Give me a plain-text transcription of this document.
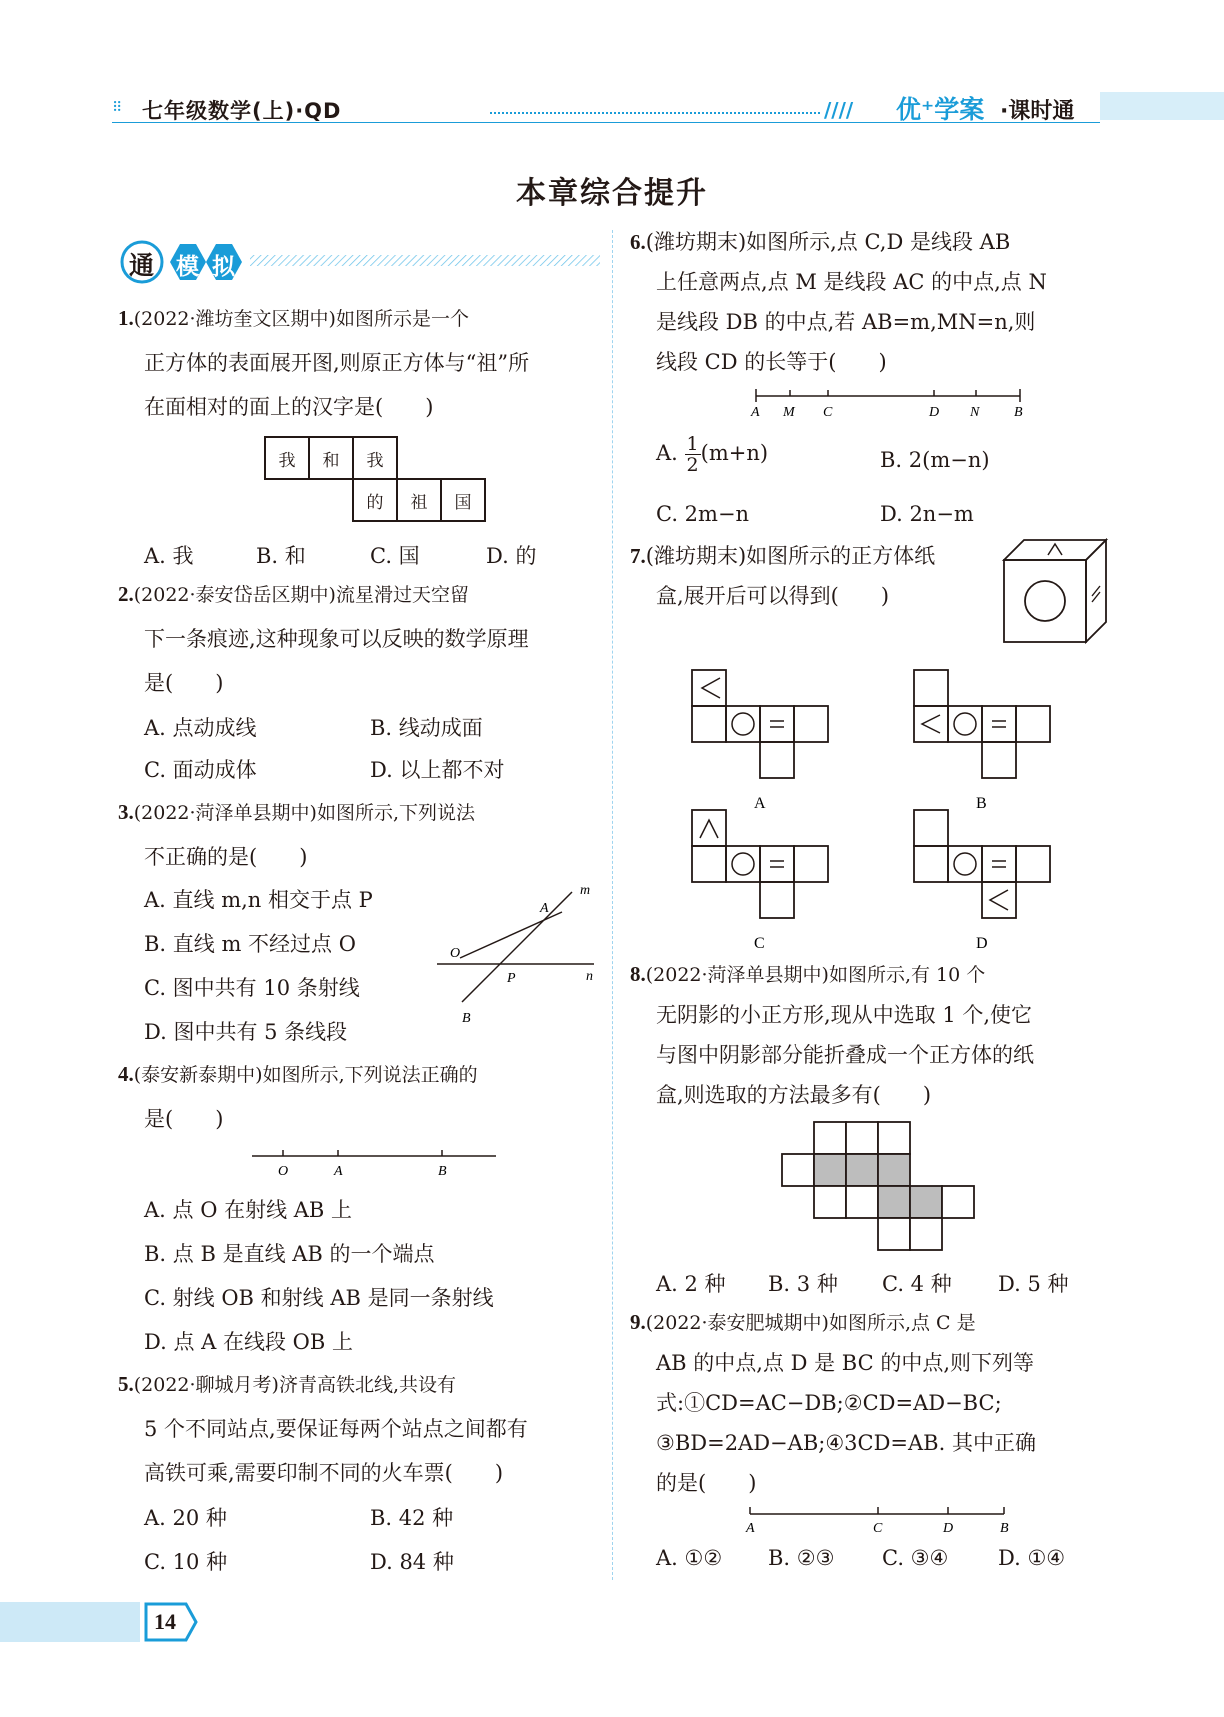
⠿ 七年级数学(上)·QD	//// 优⁺学案 ·课时通
本章综合提升
通 模 拟
1.(2022·潍坊奎文区期中)如图所示是一个
正方体的表面展开图,则原正方体与“祖”所
在面相对的面上的汉字是(　　)
我	和	我		
		的	祖	国
A. 我	B. 和	C. 国	D. 的
2.(2022·泰安岱岳区期中)流星滑过天空留
下一条痕迹,这种现象可以反映的数学原理
是(　　)
A. 点动成线	B. 线动成面
C. 面动成体	D. 以上都不对
3.(2022·菏泽单县期中)如图所示,下列说法
不正确的是(　　)
A. 直线 m,n 相交于点 P
B. 直线 m 不经过点 O
C. 图中共有 10 条射线
D. 图中共有 5 条线段
O
A
m
P	n
B
4.(泰安新泰期中)如图所示,下列说法正确的
是(　　)
O	A	B
A. 点 O 在射线 AB 上
B. 点 B 是直线 AB 的一个端点
C. 射线 OB 和射线 AB 是同一条射线
D. 点 A 在线段 OB 上
5.(2022·聊城月考)济青高铁北线,共设有
5 个不同站点,要保证每两个站点之间都有
高铁可乘,需要印制不同的火车票(　　)
A. 20 种	B. 42 种
C. 10 种	D. 84 种
6.(潍坊期末)如图所示,点 C,D 是线段 AB
上任意两点,点 M 是线段 AC 的中点,点 N
是线段 DB 的中点,若 AB=m,MN=n,则
线段 CD 的长等于(　　)
A M C	D N B
A. $\frac{1}{2} (m+n)$	B. 2(m−n)
C. 2m−n	D. 2n−m
7.(潍坊期末)如图所示的正方体纸
盒,展开后可以得到(　　)
A	B
C	D
8.(2022·菏泽单县期中)如图所示,有 10 个
无阴影的小正方形,现从中选取 1 个,使它
与图中阴影部分能折叠成一个正方体的纸
盒,则选取的方法最多有(　　)
A. 2 种 B. 3 种 C. 4 种 D. 5 种
9.(2022·泰安肥城期中)如图所示,点 C 是
AB 的中点,点 D 是 BC 的中点,则下列等
式:①CD=AC−DB;②CD=AD−BC;
③BD=2AD−AB;④3CD=AB. 其中正确
的是(　　)
A	C	D	B
A. ①② B. ②③ C. ③④ D. ①④
14
